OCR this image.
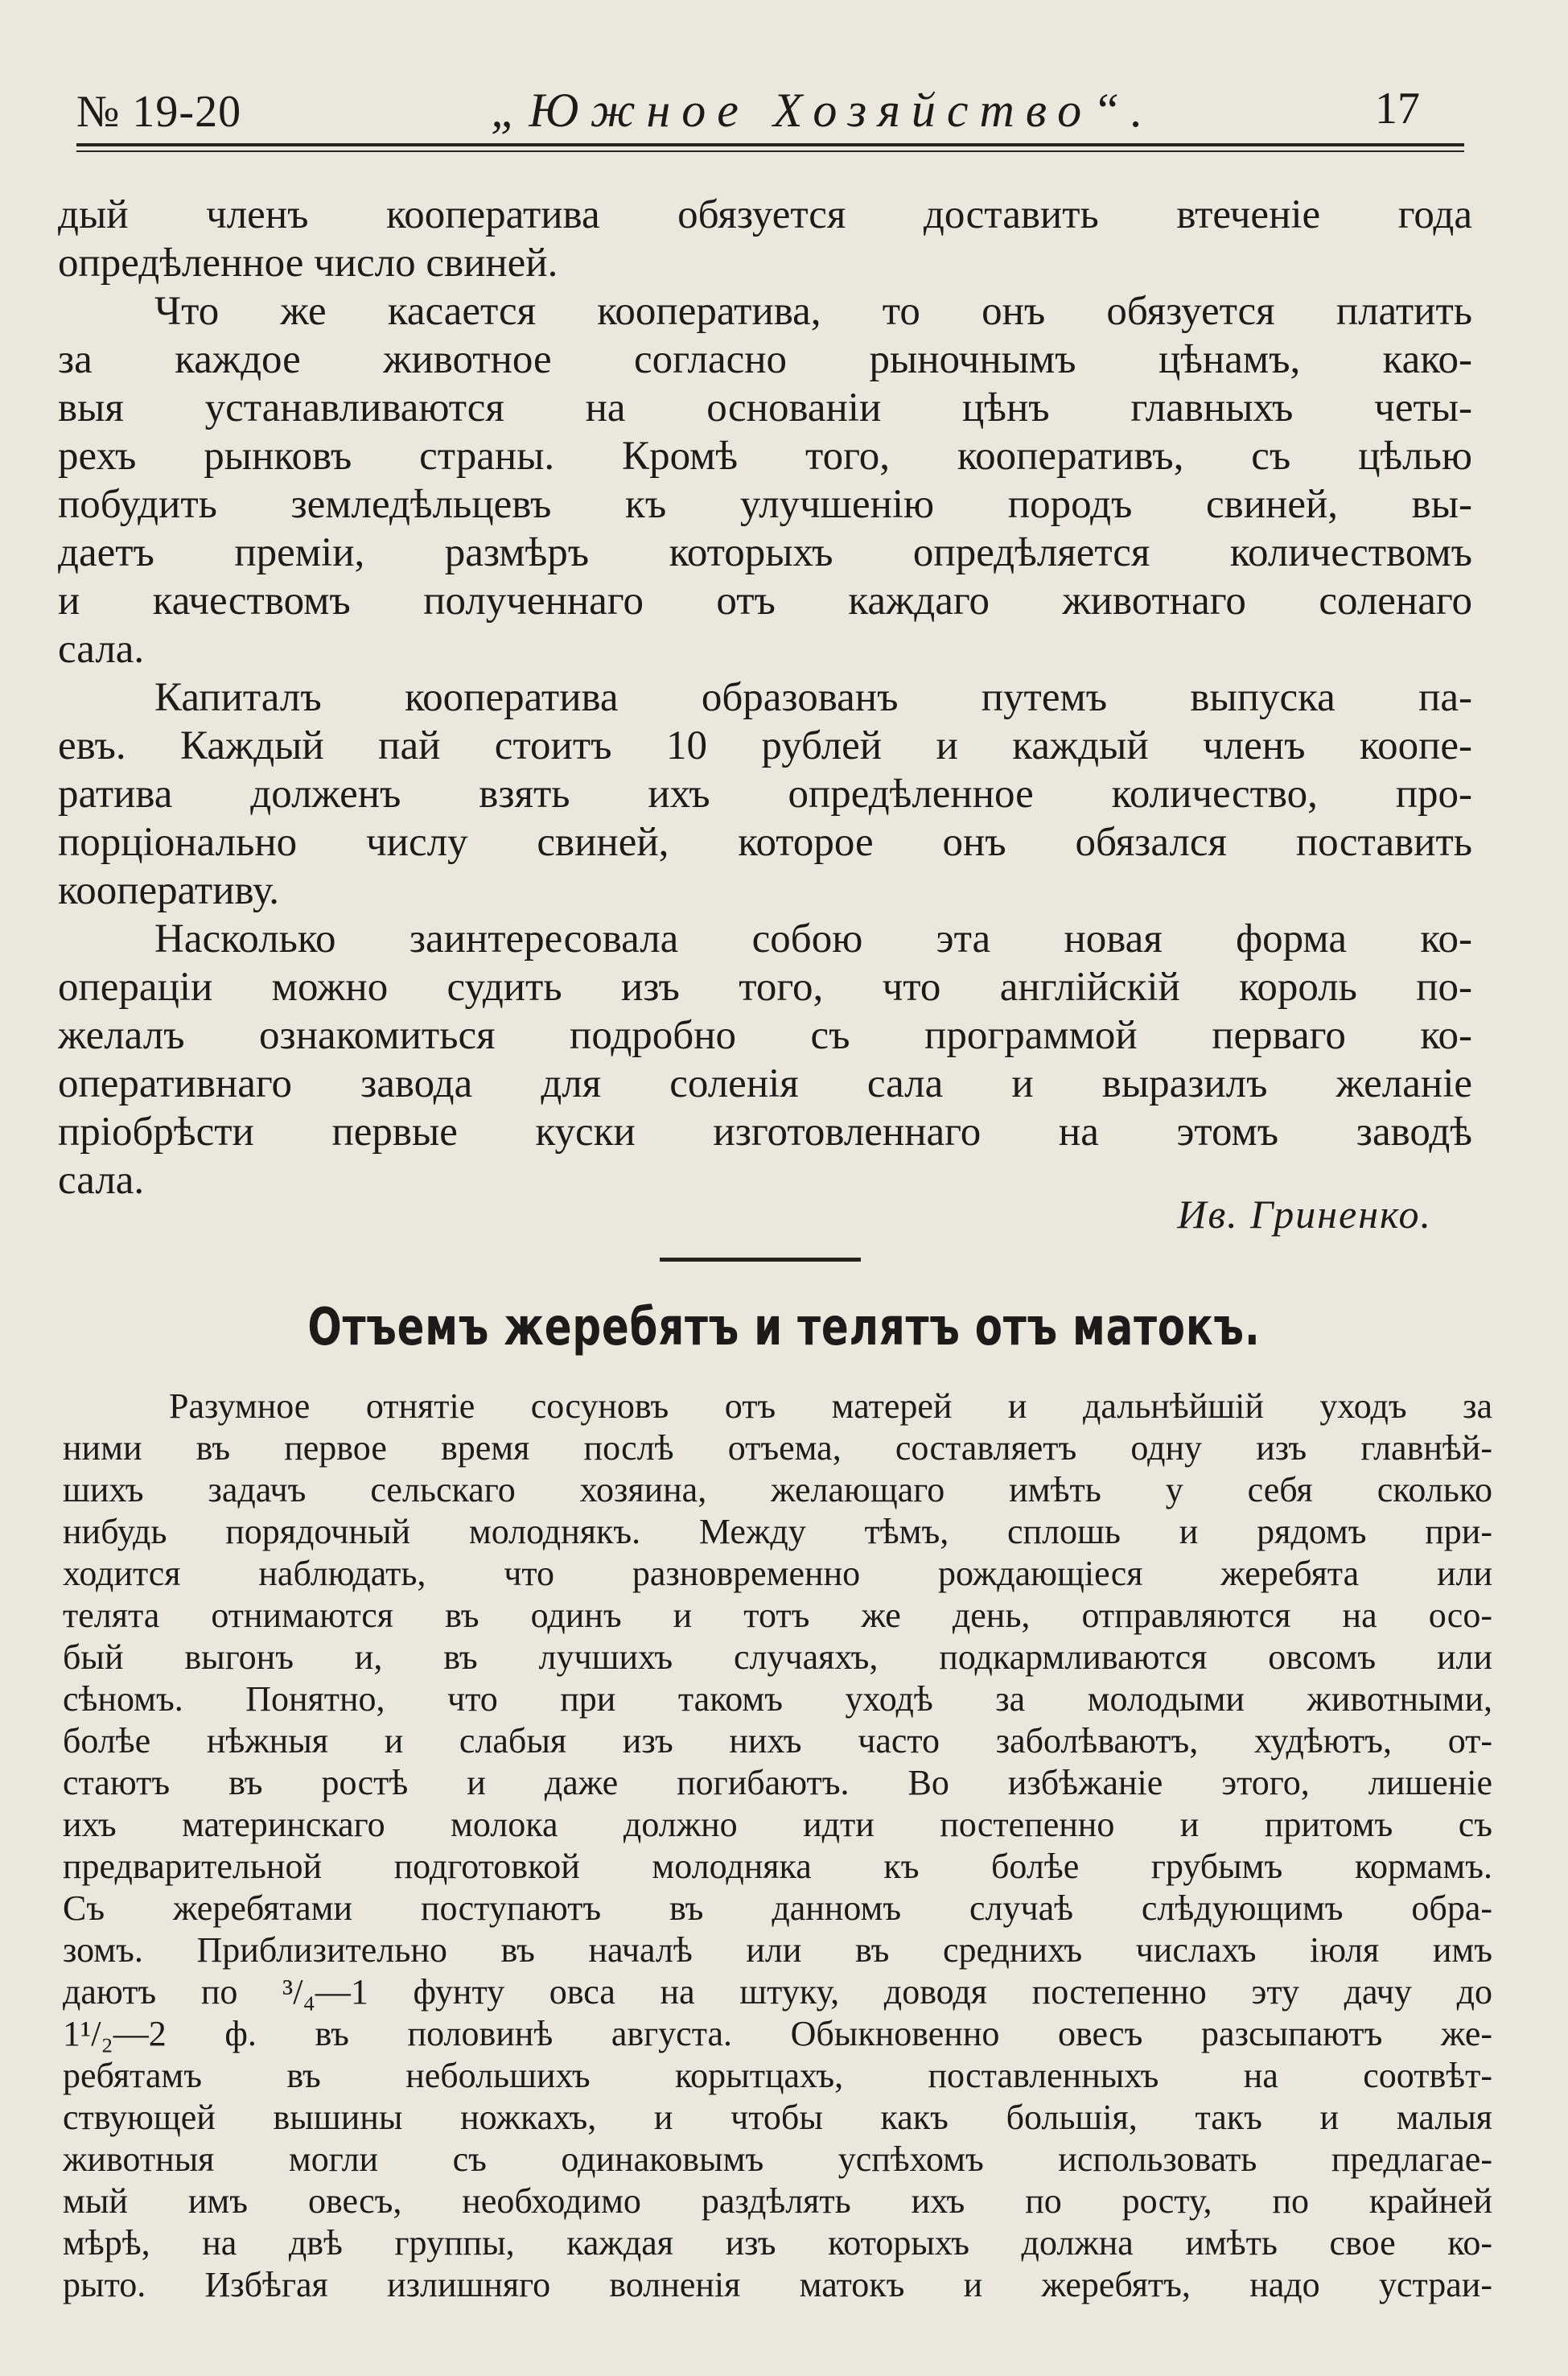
№ 19-20	„Южное Хозяйство“.	17

дый членъ кооператива обязуется доставить втеченіе года

опредѣленное число свиней.

Что же касается кооператива, то онъ обязуется платить

за каждое животное согласно рыночнымъ цѣнамъ, како-

выя устанавливаются на основаніи цѣнъ главныхъ четы-

рехъ рынковъ страны. Кромѣ того, кооперативъ, съ цѣлью

побудить земледѣльцевъ къ улучшенію породъ свиней, вы-

даетъ преміи, размѣръ которыхъ опредѣляется количествомъ

и качествомъ полученнаго отъ каждаго животнаго соленаго

сала.

Капиталъ кооператива образованъ путемъ выпуска па-

евъ. Каждый пай стоитъ 10 рублей и каждый членъ коопе-

ратива долженъ взять ихъ опредѣленное количество, про-

порціонально числу свиней, которое онъ обязался поставить

кооперативу.

Насколько заинтересовала собою эта новая форма ко-

операціи можно судить изъ того, что англійскій король по-

желалъ ознакомиться подробно съ программой перваго ко-

оперативнаго завода для соленія сала и выразилъ желаніе

пріобрѣсти первые куски изготовленнаго на этомъ заводѣ

сала.

Ив. Гриненко.
Отъемъ жеребятъ и телятъ отъ матокъ.

Разумное отнятіе сосуновъ отъ матерей и дальнѣйшій уходъ за

ними въ первое время послѣ отъема, составляетъ одну изъ главнѣй-

шихъ задачъ сельскаго хозяина, желающаго имѣть у себя сколько

нибудь порядочный молоднякъ. Между тѣмъ, сплошь и рядомъ при-

ходится наблюдать, что разновременно рождающіеся жеребята или

телята отнимаются въ одинъ и тотъ же день, отправляются на осо-

бый выгонъ и, въ лучшихъ случаяхъ, подкармливаются овсомъ или

сѣномъ. Понятно, что при такомъ уходѣ за молодыми животными,

болѣе нѣжныя и слабыя изъ нихъ часто заболѣваютъ, худѣютъ, от-

стаютъ въ ростѣ и даже погибаютъ. Во избѣжаніе этого, лишеніе

ихъ материнскаго молока должно идти постепенно и притомъ съ

предварительной подготовкой молодняка къ болѣе грубымъ кормамъ.

Съ жеребятами поступаютъ въ данномъ случаѣ слѣдующимъ обра-

зомъ. Приблизительно въ началѣ или въ среднихъ числахъ іюля имъ

даютъ по ³/₄—1 фунту овса на штуку, доводя постепенно эту дачу до

1¹/₂—2 ф. въ половинѣ августа. Обыкновенно овесъ разсыпаютъ же-

ребятамъ въ небольшихъ корытцахъ, поставленныхъ на соотвѣт-

ствующей вышины ножкахъ, и чтобы какъ большія, такъ и малыя

животныя могли съ одинаковымъ успѣхомъ использовать предлагае-

мый имъ овесъ, необходимо раздѣлять ихъ по росту, по крайней

мѣрѣ, на двѣ группы, каждая изъ которыхъ должна имѣть свое ко-

рыто. Избѣгая излишняго волненія матокъ и жеребятъ, надо устраи-
